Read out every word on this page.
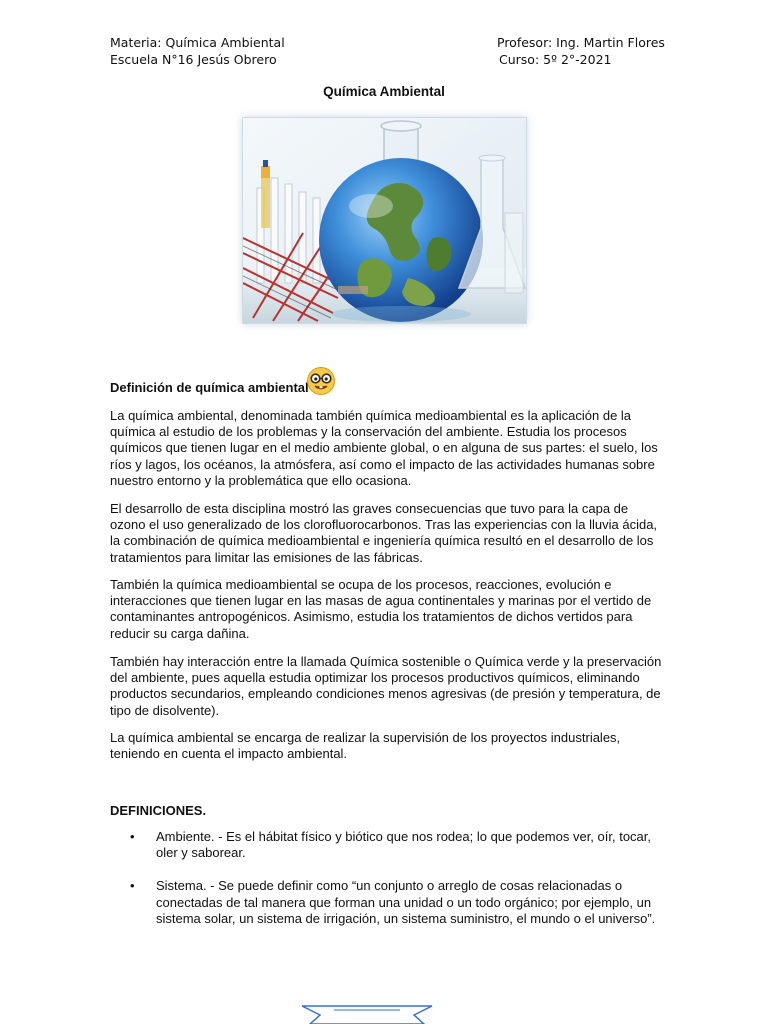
Materia: Química Ambiental
Escuela N°16 Jesús Obrero
Profesor: Ing. Martin Flores
Curso: 5º 2°-2021
Química Ambiental
Definición de química ambiental

La química ambiental, denominada también química medioambiental es la aplicación de la química al estudio de los problemas y la conservación del ambiente. Estudia los procesos químicos que tienen lugar en el medio ambiente global, o en alguna de sus partes: el suelo, los ríos y lagos, los océanos, la atmósfera, así como el impacto de las actividades humanas sobre nuestro entorno y la problemática que ello ocasiona.

El desarrollo de esta disciplina mostró las graves consecuencias que tuvo para la capa de ozono el uso generalizado de los clorofluorocarbonos. Tras las experiencias con la lluvia ácida, la combinación de química medioambiental e ingeniería química resultó en el desarrollo de los tratamientos para limitar las emisiones de las fábricas.

También la química medioambiental se ocupa de los procesos, reacciones, evolución e interacciones que tienen lugar en las masas de agua continentales y marinas por el vertido de contaminantes antropogénicos. Asimismo, estudia los tratamientos de dichos vertidos para reducir su carga dañina.

También hay interacción entre la llamada Química sostenible o Química verde y la preservación del ambiente, pues aquella estudia optimizar los procesos productivos químicos, eliminando productos secundarios, empleando condiciones menos agresivas (de presión y temperatura, de tipo de disolvente).

La química ambiental se encarga de realizar la supervisión de los proyectos industriales, teniendo en cuenta el impacto ambiental.

DEFINICIONES.
• Ambiente. - Es el hábitat físico y biótico que nos rodea; lo que podemos ver, oír, tocar, oler y saborear.
• Sistema. - Se puede definir como “un conjunto o arreglo de cosas relacionadas o conectadas de tal manera que forman una unidad o un todo orgánico; por ejemplo, un sistema solar, un sistema de irrigación, un sistema suministro, el mundo o el universo”.
